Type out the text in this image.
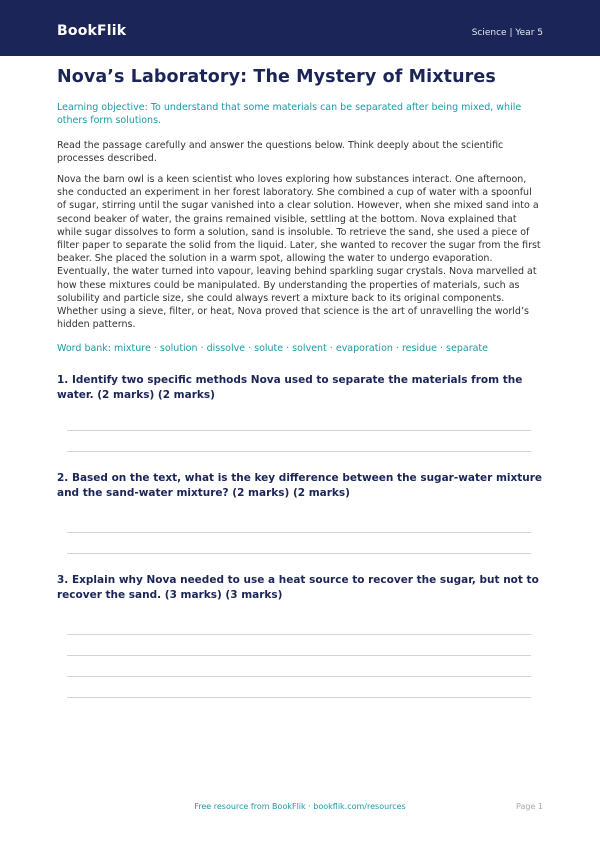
BookFlik	Science | Year 5
Nova’s Laboratory: The Mystery of Mixtures
Learning objective: To understand that some materials can be separated after being mixed, while others form solutions.
Read the passage carefully and answer the questions below. Think deeply about the scientific processes described.
Nova the barn owl is a keen scientist who loves exploring how substances interact. One afternoon, she conducted an experiment in her forest laboratory. She combined a cup of water with a spoonful of sugar, stirring until the sugar vanished into a clear solution. However, when she mixed sand into a second beaker of water, the grains remained visible, settling at the bottom. Nova explained that while sugar dissolves to form a solution, sand is insoluble. To retrieve the sand, she used a piece of filter paper to separate the solid from the liquid. Later, she wanted to recover the sugar from the first beaker. She placed the solution in a warm spot, allowing the water to undergo evaporation. Eventually, the water turned into vapour, leaving behind sparkling sugar crystals. Nova marvelled at how these mixtures could be manipulated. By understanding the properties of materials, such as solubility and particle size, she could always revert a mixture back to its original components. Whether using a sieve, filter, or heat, Nova proved that science is the art of unravelling the world’s hidden patterns.
Word bank: mixture · solution · dissolve · solute · solvent · evaporation · residue · separate
1. Identify two specific methods Nova used to separate the materials from the water. (2 marks) (2 marks)
2. Based on the text, what is the key difference between the sugar-water mixture and the sand-water mixture? (2 marks) (2 marks)
3. Explain why Nova needed to use a heat source to recover the sugar, but not to recover the sand. (3 marks) (3 marks)
Free resource from BookFlik · bookflik.com/resources	Page 1
